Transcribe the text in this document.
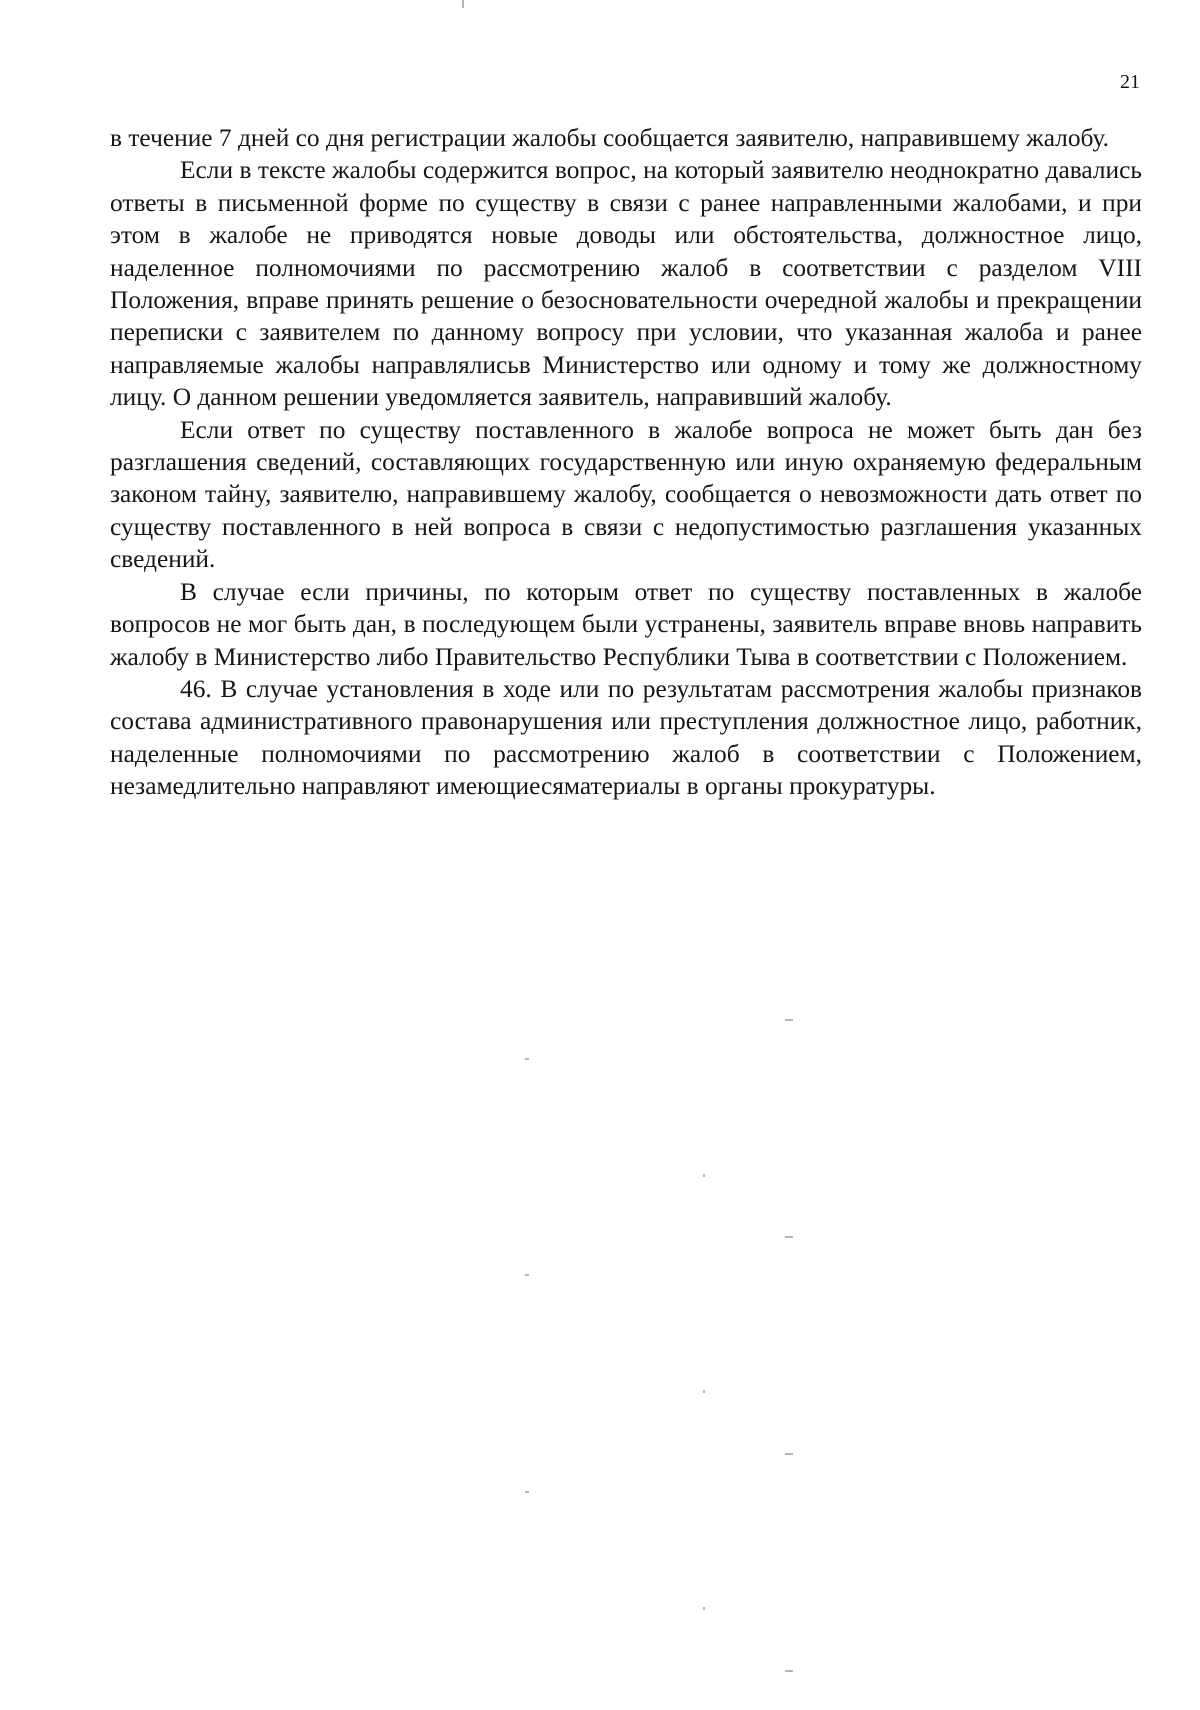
21

в течение 7 дней со дня регистрации жалобы сообщается заявителю, направившему жалобу.

Если в тексте жалобы содержится вопрос, на который заявителю неоднократно давались ответы в письменной форме по существу в связи с ранее направленными жалобами, и при этом в жалобе не приводятся новые доводы или обстоятельства, должностное лицо, наделенное полномочиями по рассмотрению жалоб в соответствии с разделом VIII Положения, вправе принять решение о безосновательности очередной жалобы и прекращении переписки с заявителем по данному вопросу при условии, что указанная жалоба и ранее направляемые жалобы направлялисьв Министерство или одному и тому же должностному лицу. О данном решении уведомляется заявитель, направивший жалобу.

Если ответ по существу поставленного в жалобе вопроса не может быть дан без разглашения сведений, составляющих государственную или иную охраняемую федеральным законом тайну, заявителю, направившему жалобу, сообщается о невозможности дать ответ по существу поставленного в ней вопроса в связи с недопустимостью разглашения указанных сведений.

В случае если причины, по которым ответ по существу поставленных в жалобе вопросов не мог быть дан, в последующем были устранены, заявитель вправе вновь направить жалобу в Министерство либо Правительство Республики Тыва в соответствии с Положением.

46. В случае установления в ходе или по результатам рассмотрения жалобы признаков состава административного правонарушения или преступления должностное лицо, работник, наделенные полномочиями по рассмотрению жалоб в соответствии с Положением, незамедлительно направляют имеющиесяматериалы в органы прокуратуры.
